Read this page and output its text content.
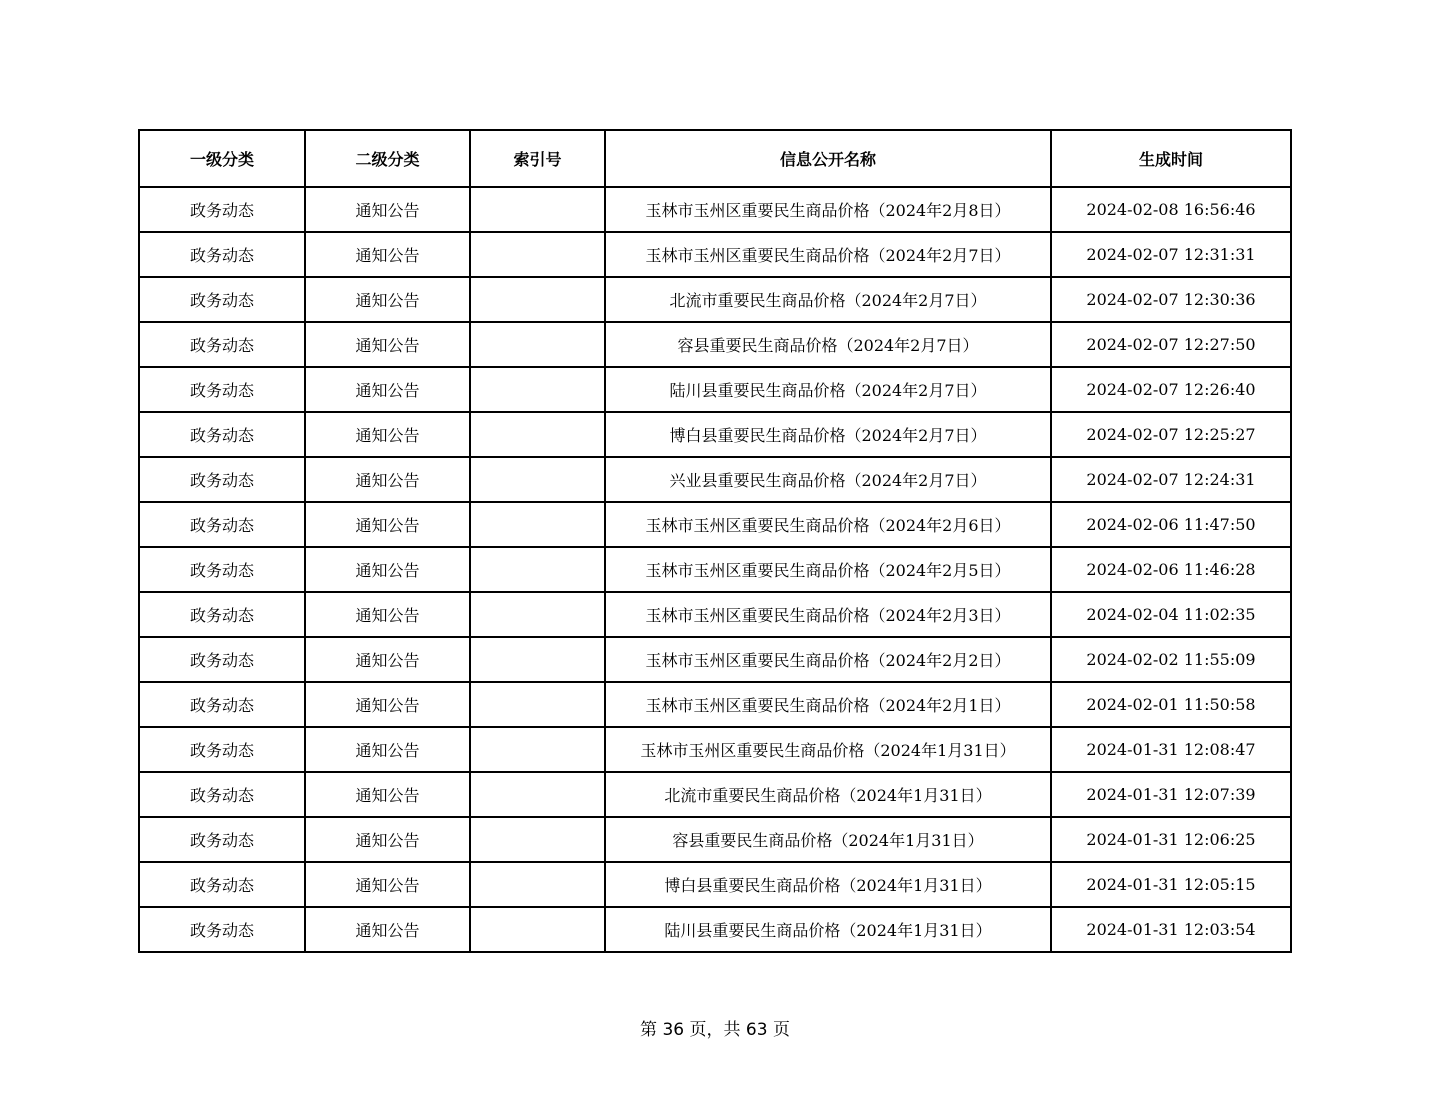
一级分类	二级分类	索引号	信息公开名称	生成时间
政务动态	通知公告		玉林市玉州区重要民生商品价格（2024年2月8日）	2024-02-08 16:56:46
政务动态	通知公告		玉林市玉州区重要民生商品价格（2024年2月7日）	2024-02-07 12:31:31
政务动态	通知公告		北流市重要民生商品价格（2024年2月7日）	2024-02-07 12:30:36
政务动态	通知公告		容县重要民生商品价格（2024年2月7日）	2024-02-07 12:27:50
政务动态	通知公告		陆川县重要民生商品价格（2024年2月7日）	2024-02-07 12:26:40
政务动态	通知公告		博白县重要民生商品价格（2024年2月7日）	2024-02-07 12:25:27
政务动态	通知公告		兴业县重要民生商品价格（2024年2月7日）	2024-02-07 12:24:31
政务动态	通知公告		玉林市玉州区重要民生商品价格（2024年2月6日）	2024-02-06 11:47:50
政务动态	通知公告		玉林市玉州区重要民生商品价格（2024年2月5日）	2024-02-06 11:46:28
政务动态	通知公告		玉林市玉州区重要民生商品价格（2024年2月3日）	2024-02-04 11:02:35
政务动态	通知公告		玉林市玉州区重要民生商品价格（2024年2月2日）	2024-02-02 11:55:09
政务动态	通知公告		玉林市玉州区重要民生商品价格（2024年2月1日）	2024-02-01 11:50:58
政务动态	通知公告		玉林市玉州区重要民生商品价格（2024年1月31日）	2024-01-31 12:08:47
政务动态	通知公告		北流市重要民生商品价格（2024年1月31日）	2024-01-31 12:07:39
政务动态	通知公告		容县重要民生商品价格（2024年1月31日）	2024-01-31 12:06:25
政务动态	通知公告		博白县重要民生商品价格（2024年1月31日）	2024-01-31 12:05:15
政务动态	通知公告		陆川县重要民生商品价格（2024年1月31日）	2024-01-31 12:03:54
第 36 页，共 63 页
